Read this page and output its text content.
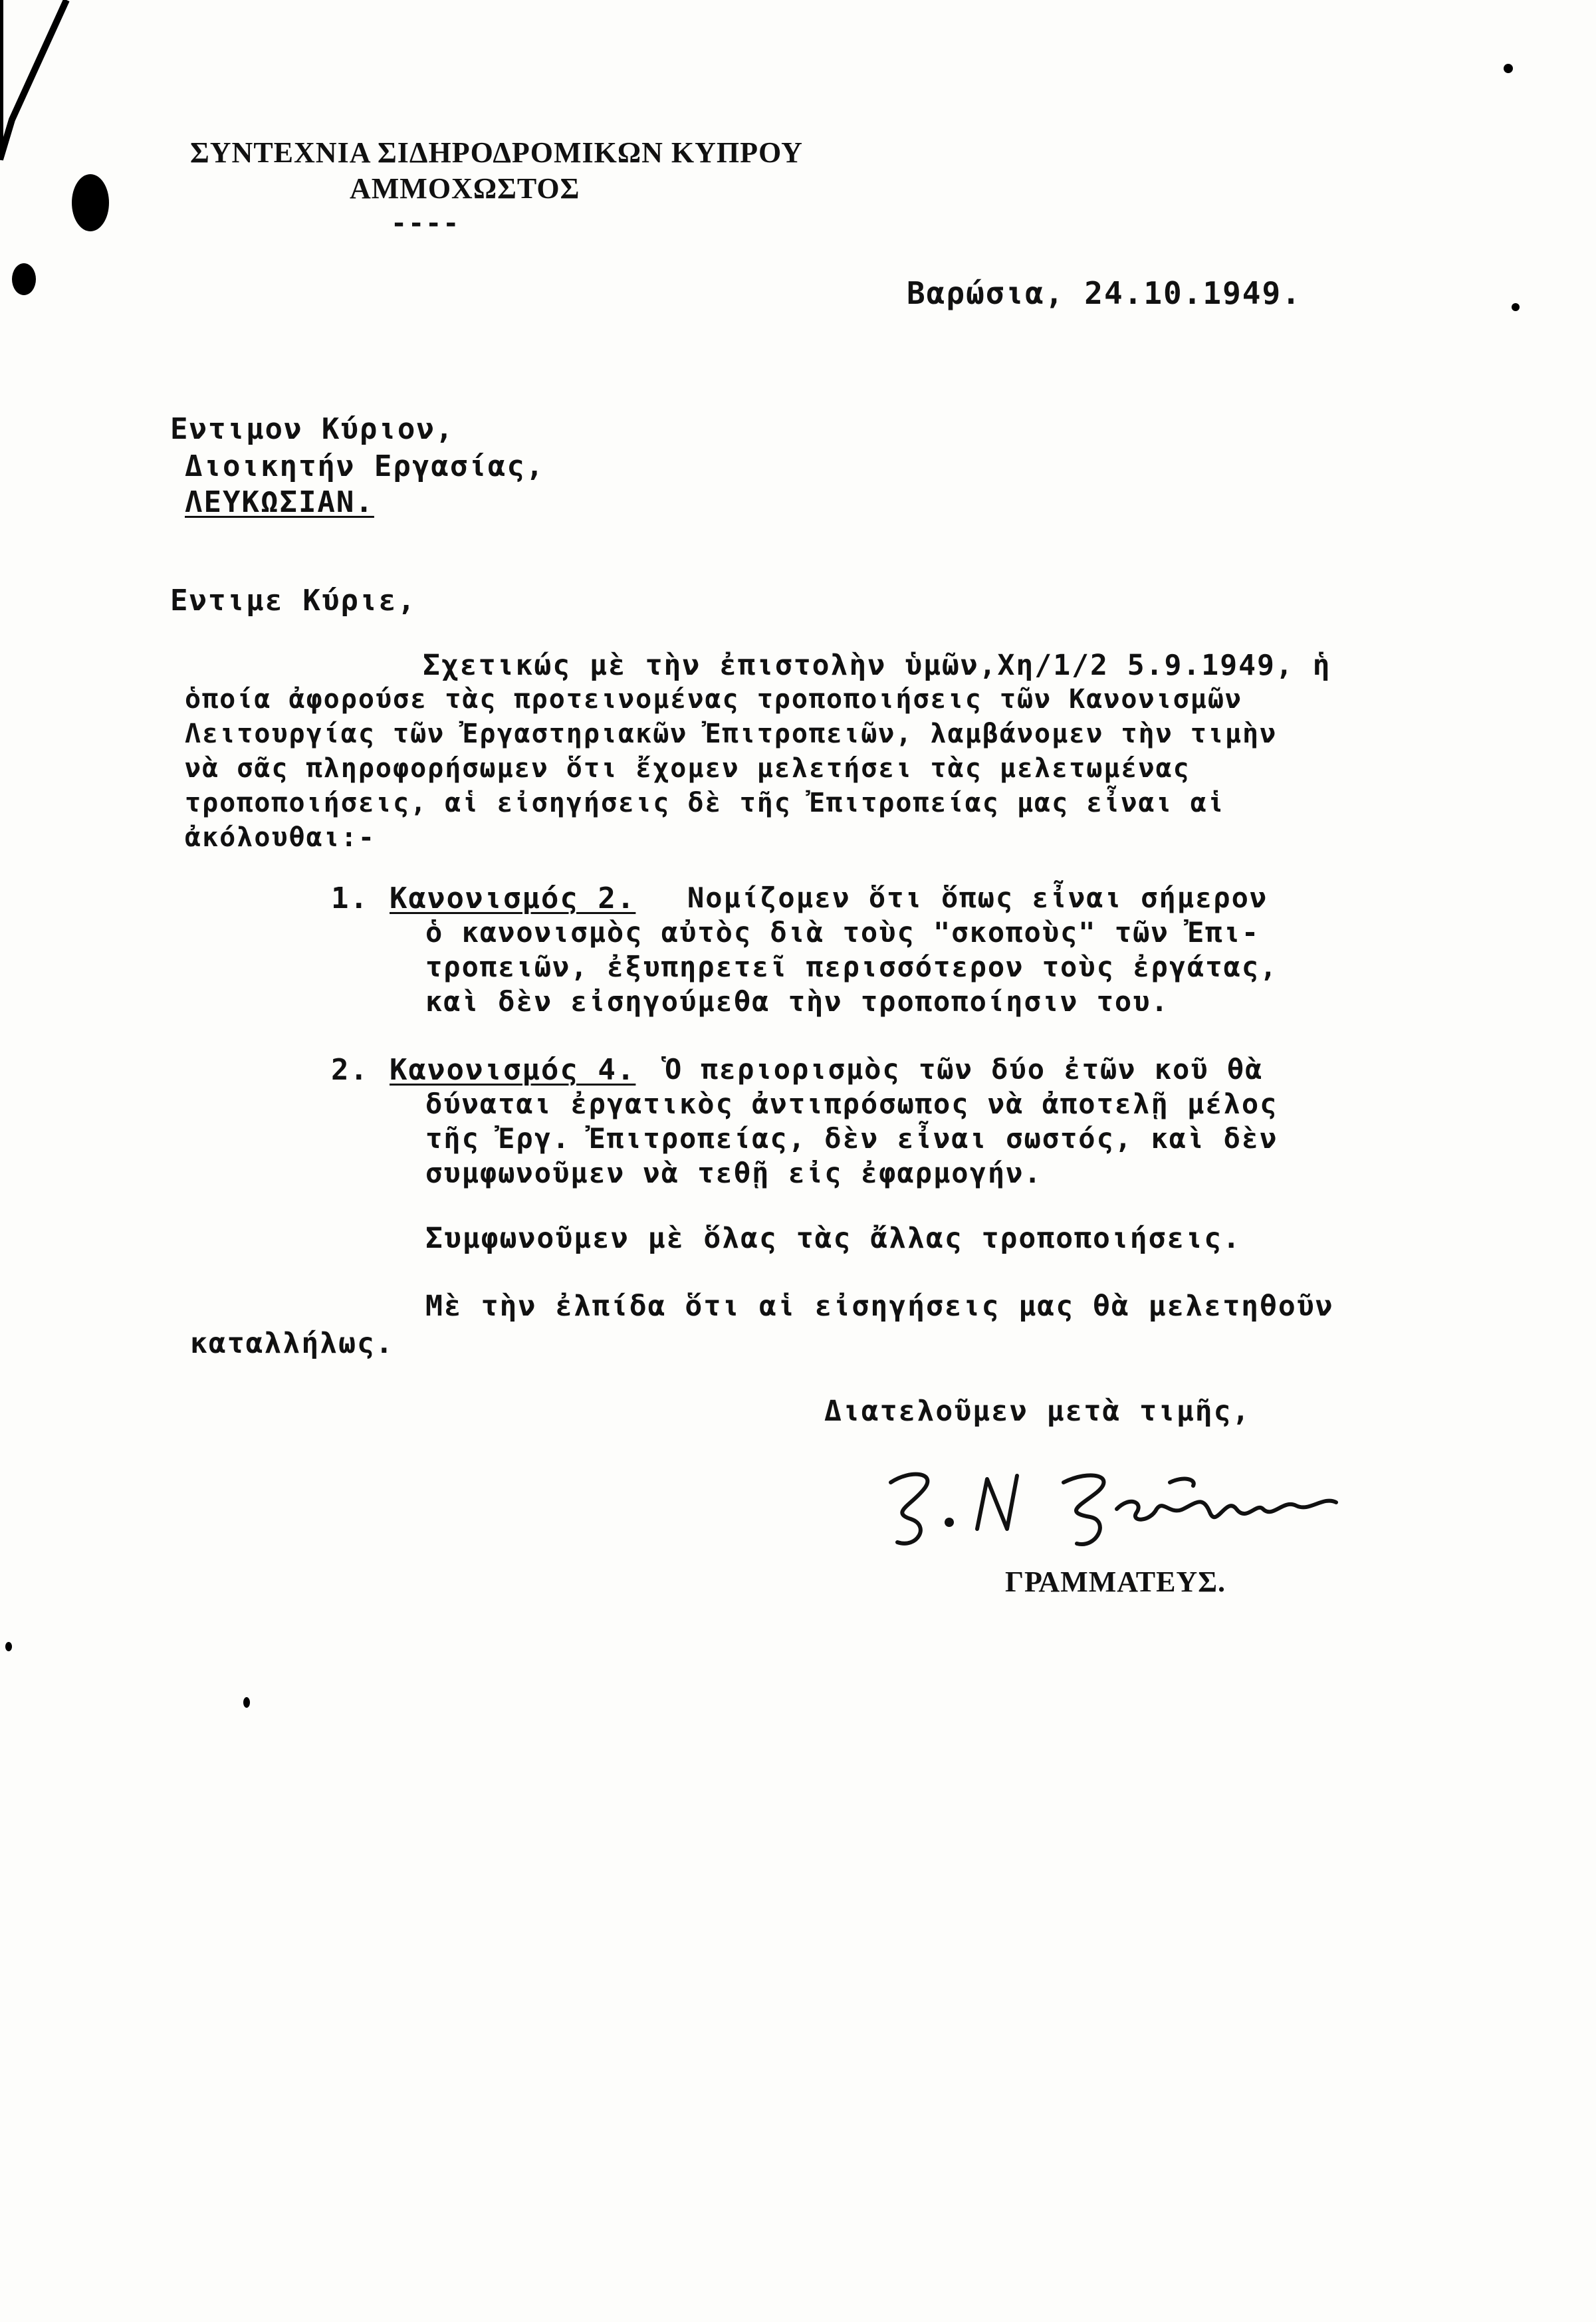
ΣΥΝΤΕΧΝΙΑ ΣΙΔΗΡΟΔΡΟΜΙΚΩΝ ΚΥΠΡΟΥ
ΑΜΜΟΧΩΣΤΟΣ
----
Βαρώσια, 24.10.1949.
Εντιμον Κύριον,
Διοικητήν Εργασίας,
ΛΕΥΚΩΣΙΑΝ.
Εντιμε Κύριε,
Σχετικώς μὲ τὴν ἐπιστολὴν ὑμῶν,Χη/1/2 5.9.1949, ἡ
ὁποία ἀφορούσε τὰς προτεινομένας τροποποιήσεις τῶν Κανονισμῶν
Λειτουργίας τῶν Ἐργαστηριακῶν Ἐπιτροπειῶν, λαμβάνομεν τὴν τιμὴν
νὰ σᾶς πληροφορήσωμεν ὅτι ἔχομεν μελετήσει τὰς μελετωμένας
τροποποιήσεις, αἱ εἰσηγήσεις δὲ τῆς Ἐπιτροπείας μας εἶναι αἱ
ἀκόλουθαι:-
1. Κανονισμός 2. Νομίζομεν ὅτι ὅπως εἶναι σήμερον
ὁ κανονισμὸς αὐτὸς διὰ τοὺς "σκοποὺς" τῶν Ἐπι-
τροπειῶν, ἐξυπηρετεῖ περισσότερον τοὺς ἐργάτας,
καὶ δὲν εἰσηγούμεθα τὴν τροποποίησιν του.
2. Κανονισμός 4. Ὁ περιορισμὸς τῶν δύο ἐτῶν κοῦ θὰ
δύναται ἐργατικὸς ἀντιπρόσωπος νὰ ἀποτελῇ μέλος
τῆς Ἐργ. Ἐπιτροπείας, δὲν εἶναι σωστός, καὶ δὲν
συμφωνοῦμεν νὰ τεθῇ εἰς ἐφαρμογήν.
Συμφωνοῦμεν μὲ ὅλας τὰς ἄλλας τροποποιήσεις.
Μὲ τὴν ἐλπίδα ὅτι αἱ εἰσηγήσεις μας θὰ μελετηθοῦν
καταλλήλως.
Διατελοῦμεν μετὰ τιμῆς,
ΓΡΑΜΜΑΤΕΥΣ.
